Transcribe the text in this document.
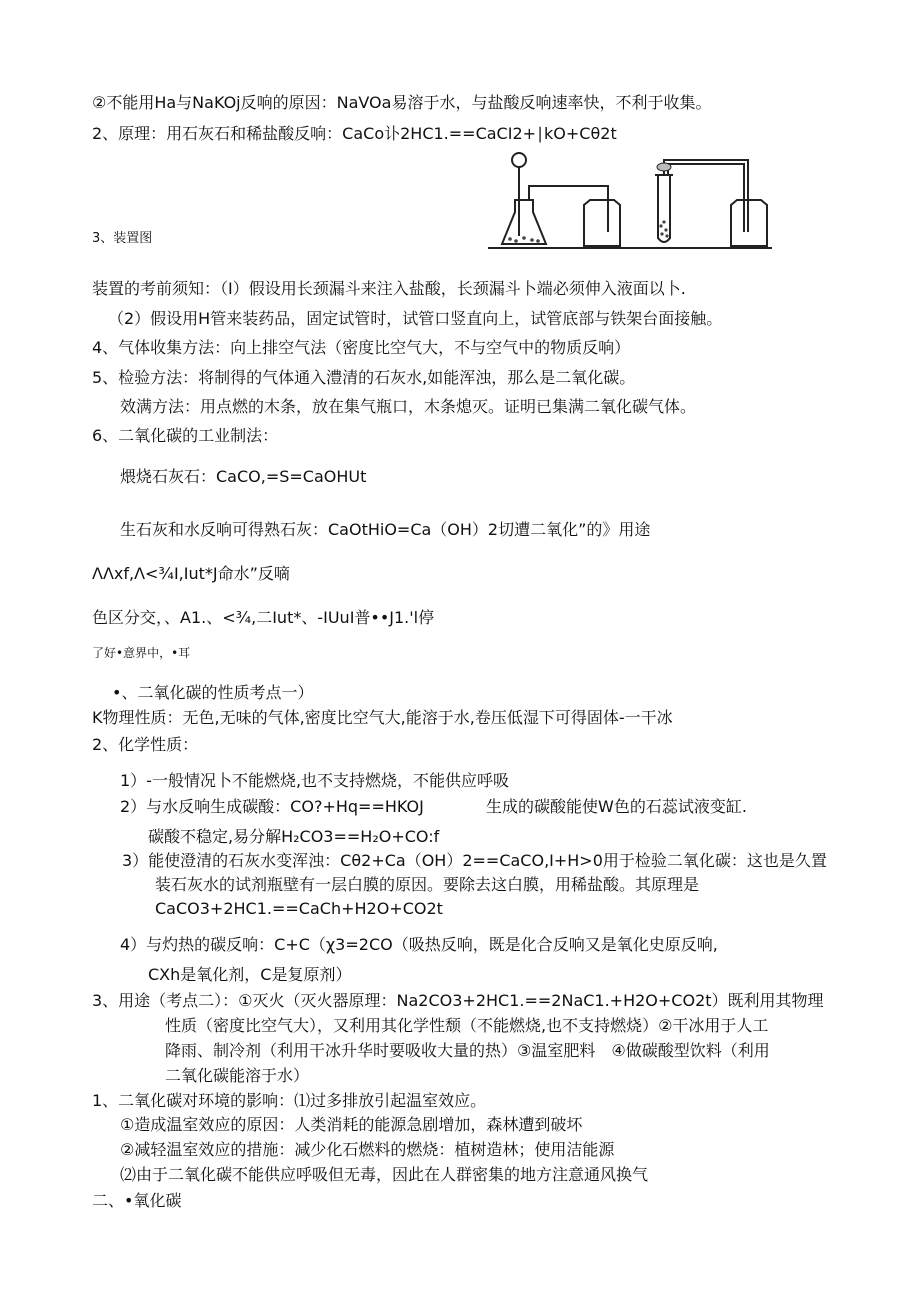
②不能用Ha与NaKOj反响的原因：NaVOa易溶于水，与盐酸反响速率快，不利于收集。
2、原理：用石灰石和稀盐酸反响：CaCo讣2HC1.==CaCI2+∣kO+Cθ2t
3、装置图
装置的考前须知：（I）假设用长颈漏斗来注入盐酸，长颈漏斗卜端必须伸入液面以卜.
（2）假设用H管来装药品，固定试管时，试管口竖直向上，试管底部与铁架台面接触。
4、气体收集方法：向上排空气法（密度比空气大，不与空气中的物质反响）
5、检验方法：将制得的气体通入澧清的石灰水,如能浑浊，那么是二氧化碳。
效满方法：用点燃的木条，放在集气瓶口，木条熄灭。证明已集满二氧化碳气体。
6、二氧化碳的工业制法：
煨烧石灰石：CaCO,=S=CaOHUt
生石灰和水反响可得熟石灰：CaOtHiO=Ca（OH）2切遭二氧化”的》用途
ΛΛxf,Λ<¾I,Iut*J命水”反嘀
色区分交，、A1.、<¾,二Iut*、-IUuI普••J1.'l停
了好•意界中，•耳
•、二氧化碳的性质考点一）
K物理性质：无色,无味的气体,密度比空气大,能溶于水,卷压低湿下可得固体-一干冰
2、化学性质：
1）-一般情况卜不能燃烧,也不支持燃烧，不能供应呼吸
2）与水反响生成碳酸：CO?+Hq==HKOJ	生成的碳酸能使W色的石蕊试液变缸.
碳酸不稳定,易分解H₂CO3==H₂O+CO:f
3）能使澄清的石灰水变浑浊：Cθ2+Ca（OH）2==CaCO,I+H>0用于检验二氧化碳：这也是久置
装石灰水的试剂瓶壁有一层白膜的原因。要除去这白膜，用稀盐酸。其原理是
CaCO3+2HC1.==CaCh+H2O+CO2t
4）与灼热的碳反响：C+C（χ3=2CO（吸热反响，既是化合反响又是氧化史原反响,
CXh是氧化剂，C是复原剂）
3、用途（考点二）：①灭火（灭火器原理：Na2CO3+2HC1.==2NaC1.+H2O+CO2t）既利用其物理
性质（密度比空气大），又利用其化学性颓（不能燃烧,也不支持燃烧）②干冰用于人工
降雨、制冷剂（利用干冰升华时要吸收大量的热）③温室肥料　④做碳酸型饮料（利用
二氧化碳能溶于水）
1、二氧化碳对环境的影响：⑴过多排放引起温室效应。
①造成温室效应的原因：人类消耗的能源急剧增加，森林遭到破坏
②减轻温室效应的措施：减少化石燃料的燃烧：植树造林；使用洁能源
⑵由于二氧化碳不能供应呼吸但无毒，因此在人群密集的地方注意通风换气
二、•氧化碳
